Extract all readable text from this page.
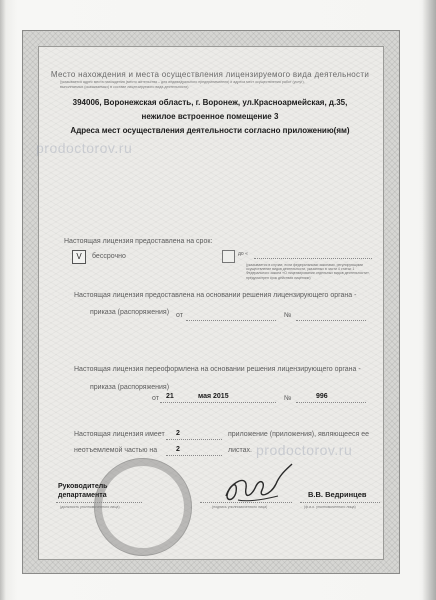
Место нахождения и места осуществления лицензируемого вида деятельности
(указывается адрес места нахождения (место жительства – для индивидуального предпринимателя) и адреса мест осуществления работ (услуг),
выполняемых (оказываемых) в составе лицензируемого вида деятельности)
394006, Воронежская область, г. Воронеж, ул.Красноармейская, д.35,
нежилое встроенное помещение 3
Адреса мест осуществления деятельности согласно приложению(ям)
prodoctorov.ru
Настоящая лицензия предоставлена на срок:
V	бессрочно	до «
(указывается в случае, если федеральными законами, регулирующими осуществление видов деятельности, указанных в части 4 статьи 1 Федерального закона «О лицензировании отдельных видов деятельности», предусмотрен срок действия лицензии)
Настоящая лицензия предоставлена на основании решения лицензирующего органа -
приказа (распоряжения) от	№
Настоящая лицензия переоформлена на основании решения лицензирующего органа -
приказа (распоряжения)
от 21	мая 2015	№	996
Настоящая лицензия имеет 2	приложение (приложения), являющееся ее
неотъемлемой частью на	2	листах. prodoctorov.ru
Руководитель
департамента
(должность уполномоченного лица)	(подпись уполномоченного лица)
В.В. Ведринцев
(ф.и.о. уполномоченного лица)
